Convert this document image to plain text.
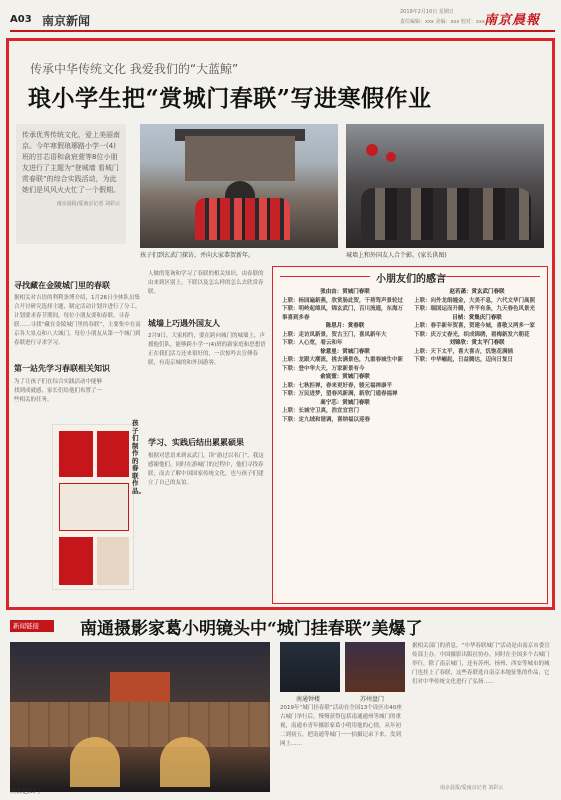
A03 南京新闻
2019年2月10日 星期日
责任编辑：xxx 美编：xxx 校对：xxx 南京晨報
传承中华传统文化 我爱我们的“大蓝鲸”
琅小学生把“赏城门春联”写进寒假作业
传承优秀传统文化，爱上美丽南京。今年寒假琅琊路小学一(4)班的甘芯语和俞宸萱等8位小朋友进行了主题为“登城墙 看城门 赏春联”的综合实践活动，为此她们是风风火火忙了一个假期。
南京晨报/爱南京记者 刘彩云
孩子们到玄武门探访，并向大家恭贺新年。	城墙上和外国友人合个影。(家长供图)
寻找藏在金陵城门里的春联
据相关对吉语的利利条博介绍，1月26日全体队员集合开讨研究选择主题，制定活动计划并进行了分工。计划要求春节期间，每位小朋友要和春联、寻春联……寻找“藏在金陵城门里的春联”，主要集中在南京各大景点和八大城门，每位小朋友从第一个城门到春联进行寻求学习。
第一站先学习春联相关知识
为了让孩子们在综合实践活动中能够找到成就感，家长们给他们布置了一些相关的任务。
孩子们制作的春联作品。
人做的笔询和学习了春联的相关知识，由春联的由来到区别上，下联以及怎么样的怎么去欣赏春联。
城墙上巧遇外国友人
2月9日，大家相约，要在跨向城门的城墙上，声援他们队，能够跨小学一(4)班的新家庭和思想语正在我们活力还来很好的，一次惊吟去宣傅春联，有南京城的和外国游客。
学习、实践后结出累累硕果
根据对思语来到玄武门，读“游过以名门”，我这感谢他们。同时在游城门的过程中，他们寻找春联，而去了解中国国家传统文化，也与孩子们建立了自己的友谊。
小朋友们的感言
张由由：赏城门春联
上联：杨园遍新燕，欣赏肠此贺，干荷驾声景轮过
下联：明岭起绵凤，锦玄武门，百川流通，东海万事喜到多春
陈思月：赏春联
上联：走访凤新景，贺古王门，喜凤新年大
下联：人心宽，看云和年
徐意星：赏城门春联
上联：龙跟大潮流，挑去满景色，九重春城生中新
下联：登中华大天，万家新景有今
俞宸萱：赏城门春联
上联：七秋拒禅，春来更好春，骏元福禅康平
下联：万民进梦，望春风新满，新欣门通春福禅
高宁芯：赏城门春联
上联：长城守卫真，浩宜宜宫门
下联：定九绒和谐调，喜纳福以迎春
赵若菡：赏玄武门春联
上联：向外龙绢缠金，大美不息，六代文华门高照
下联：瑞国运而升腾，齐平有条，九天春色风景光
吕桢：赏集庆门春联
上联：春手新年贺喜，贺建今城，喜敬又两多一家
下联：庆万丈春光，织成锦绣，看梅新发六朝花
刘锦欣：赏太平门春联
上联：天下太平，喜大喜吉，饥饱花满插
下联：中华崛起，日益腾达，迈向日复日
新闻链接	南通摄影家葛小明镜头中“城门挂春联”美爆了
南京挹江门
南通钟楼	苏州盘门
2019年“城门挂春联”活动在全国13个设区市40座古城门举行后，慢慢获得包括南通通州等城门的重视，南通市青年摄影家葛小明用他的心情，从年初二到初五，把南通等城门一一拍摄记录下来，发到网上……
据相关部门的消息，“中华春联城门”活动是由南京市委宣传部主办，中国摄影出版社协办，同时在全国多个古城门举行，除了南京城门，还有苏州、扬州、西安等城市的城门也挂上了春联，这些春联选自南京本地征集的作品，它们对中华传统文化进行了弘扬……
南京晨报/爱南京记者 刘彩云
